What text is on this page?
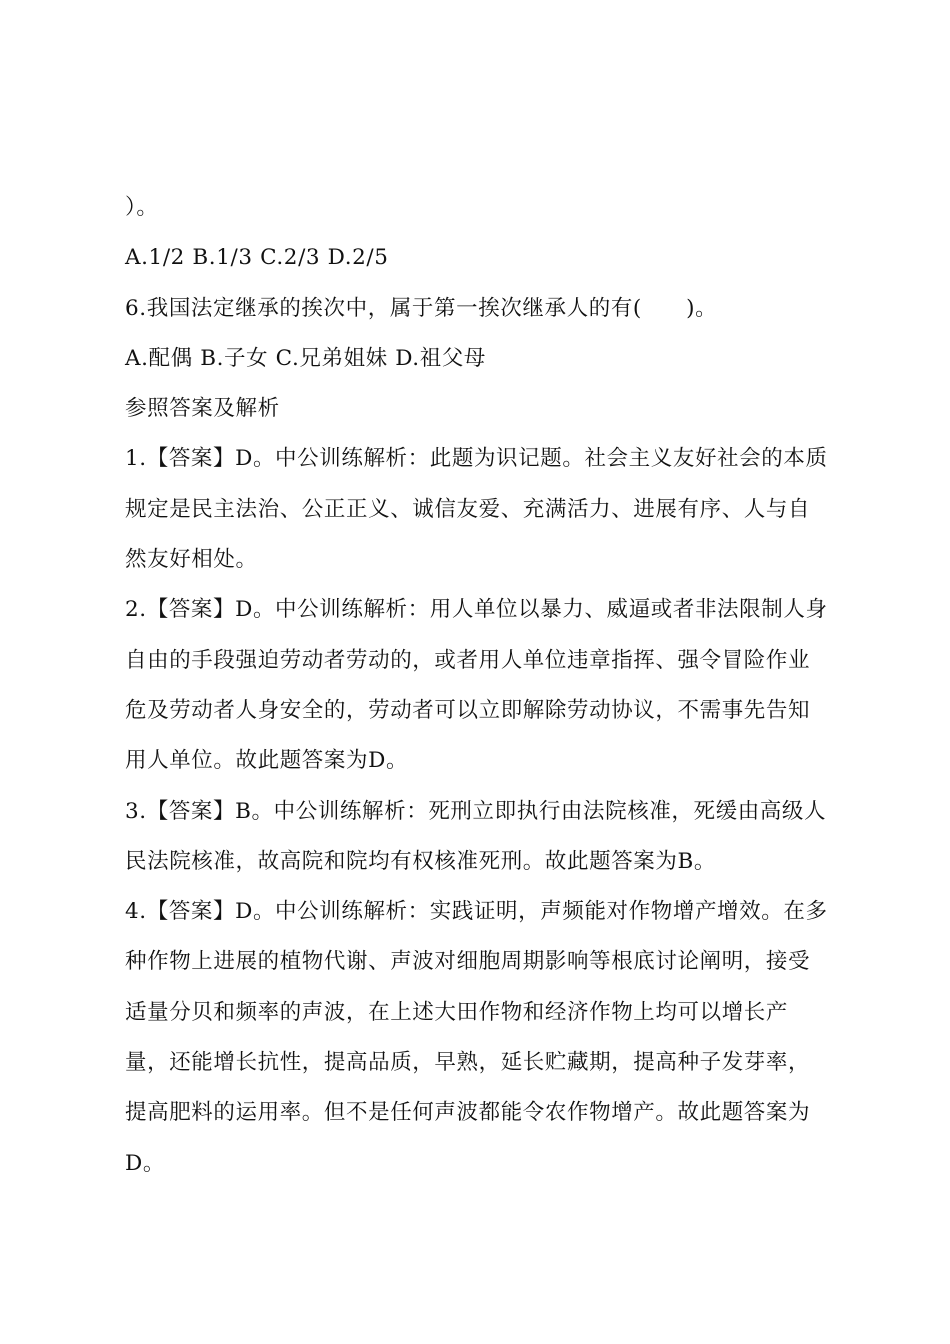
）。
A.1/2 B.1/3 C.2/3 D.2/5
6.我国法定继承的挨次中，属于第一挨次继承人的有(　　)。
A.配偶 B.子女 C.兄弟姐妹 D.祖父母
参照答案及解析
1.【答案】D。中公训练解析：此题为识记题。社会主义友好社会的本质
规定是民主法治、公正正义、诚信友爱、充满活力、进展有序、人与自
然友好相处。
2.【答案】D。中公训练解析：用人单位以暴力、威逼或者非法限制人身
自由的手段强迫劳动者劳动的，或者用人单位违章指挥、强令冒险作业
危及劳动者人身安全的，劳动者可以立即解除劳动协议，不需事先告知
用人单位。故此题答案为D。
3.【答案】B。中公训练解析：死刑立即执行由法院核准，死缓由高级人
民法院核准，故高院和院均有权核准死刑。故此题答案为B。
4.【答案】D。中公训练解析：实践证明，声频能对作物增产增效。在多
种作物上进展的植物代谢、声波对细胞周期影响等根底讨论阐明，接受
适量分贝和频率的声波，在上述大田作物和经济作物上均可以增长产
量，还能增长抗性，提高品质，早熟，延长贮藏期，提高种子发芽率，
提高肥料的运用率。但不是任何声波都能令农作物增产。故此题答案为
D。
